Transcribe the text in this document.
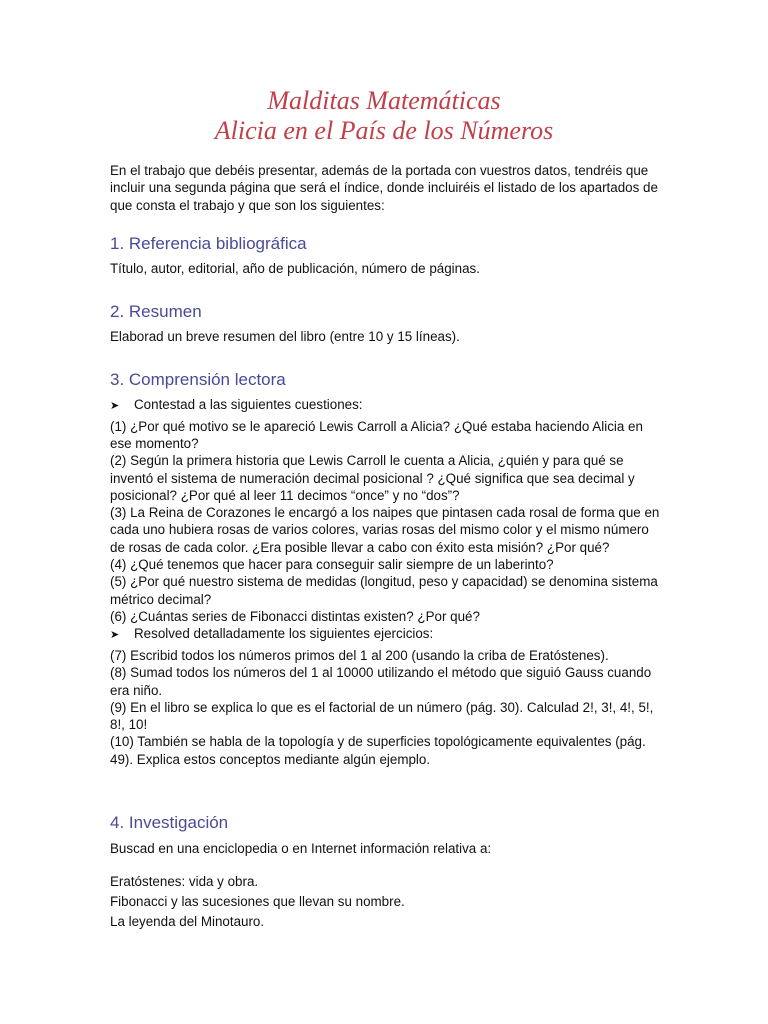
Malditas Matemáticas
Alicia en el País de los Números

En el trabajo que debéis presentar, además de la portada con vuestros datos, tendréis que incluir una segunda página que será el índice, donde incluiréis el listado de los apartados de que consta el trabajo y que son los siguientes:

1. Referencia bibliográfica

Título, autor, editorial, año de publicación, número de páginas.

2. Resumen

Elaborad un breve resumen del libro (entre 10 y 15 líneas).

3. Comprensión lectora
➤	Contestad a las siguientes cuestiones:

(1) ¿Por qué motivo se le apareció Lewis Carroll a Alicia? ¿Qué estaba haciendo Alicia en ese momento?

(2) Según la primera historia que Lewis Carroll le cuenta a Alicia, ¿quién y para qué se inventó el sistema de numeración decimal posicional ? ¿Qué significa que sea decimal y posicional? ¿Por qué al leer 11 decimos “once” y no “dos”?

(3) La Reina de Corazones le encargó a los naipes que pintasen cada rosal de forma que en cada uno hubiera rosas de varios colores, varias rosas del mismo color y el mismo número de rosas de cada color. ¿Era posible llevar a cabo con éxito esta misión? ¿Por qué?

(4) ¿Qué tenemos que hacer para conseguir salir siempre de un laberinto?

(5) ¿Por qué nuestro sistema de medidas (longitud, peso y capacidad) se denomina sistema métrico decimal?

(6) ¿Cuántas series de Fibonacci distintas existen? ¿Por qué?

➤	Resolved detalladamente los siguientes ejercicios:

(7) Escribid todos los números primos del 1 al 200 (usando la criba de Eratóstenes).

(8) Sumad todos los números del 1 al 10000 utilizando el método que siguió Gauss cuando era niño.

(9) En el libro se explica lo que es el factorial de un número (pág. 30). Calculad 2!, 3!, 4!, 5!, 8!, 10!

(10) También se habla de la topología y de superficies topológicamente equivalentes (pág. 49). Explica estos conceptos mediante algún ejemplo.

4. Investigación

Buscad en una enciclopedia o en Internet información relativa a:

Eratóstenes: vida y obra.

Fibonacci y las sucesiones que llevan su nombre.

La leyenda del Minotauro.
